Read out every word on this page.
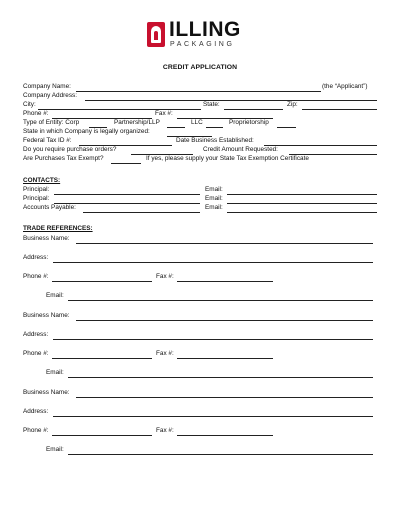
ILLING
PACKAGING
CREDIT APPLICATION
Company Name:	(the “Applicant”)
Company Address:
City:	State:	Zip:
Phone #:	Fax #:
Type of Entity: Corp	Partnership/LLP	LLC	Proprietorship
State in which Company is legally organized:
Federal Tax ID #:	Date Business Established:
Do you require purchase orders?	Credit Amount Requested:
Are Purchases Tax Exempt?	If yes, please supply your State Tax Exemption Certificate
CONTACTS:
Principal:	Email:
Principal:	Email:
Accounts Payable:	Email:
TRADE REFERENCES:
Business Name:
Address:
Phone #:	Fax #:
Email:
Business Name:
Address:
Phone #:	Fax #:
Email:
Business Name:
Address:
Phone #:	Fax #:
Email:
